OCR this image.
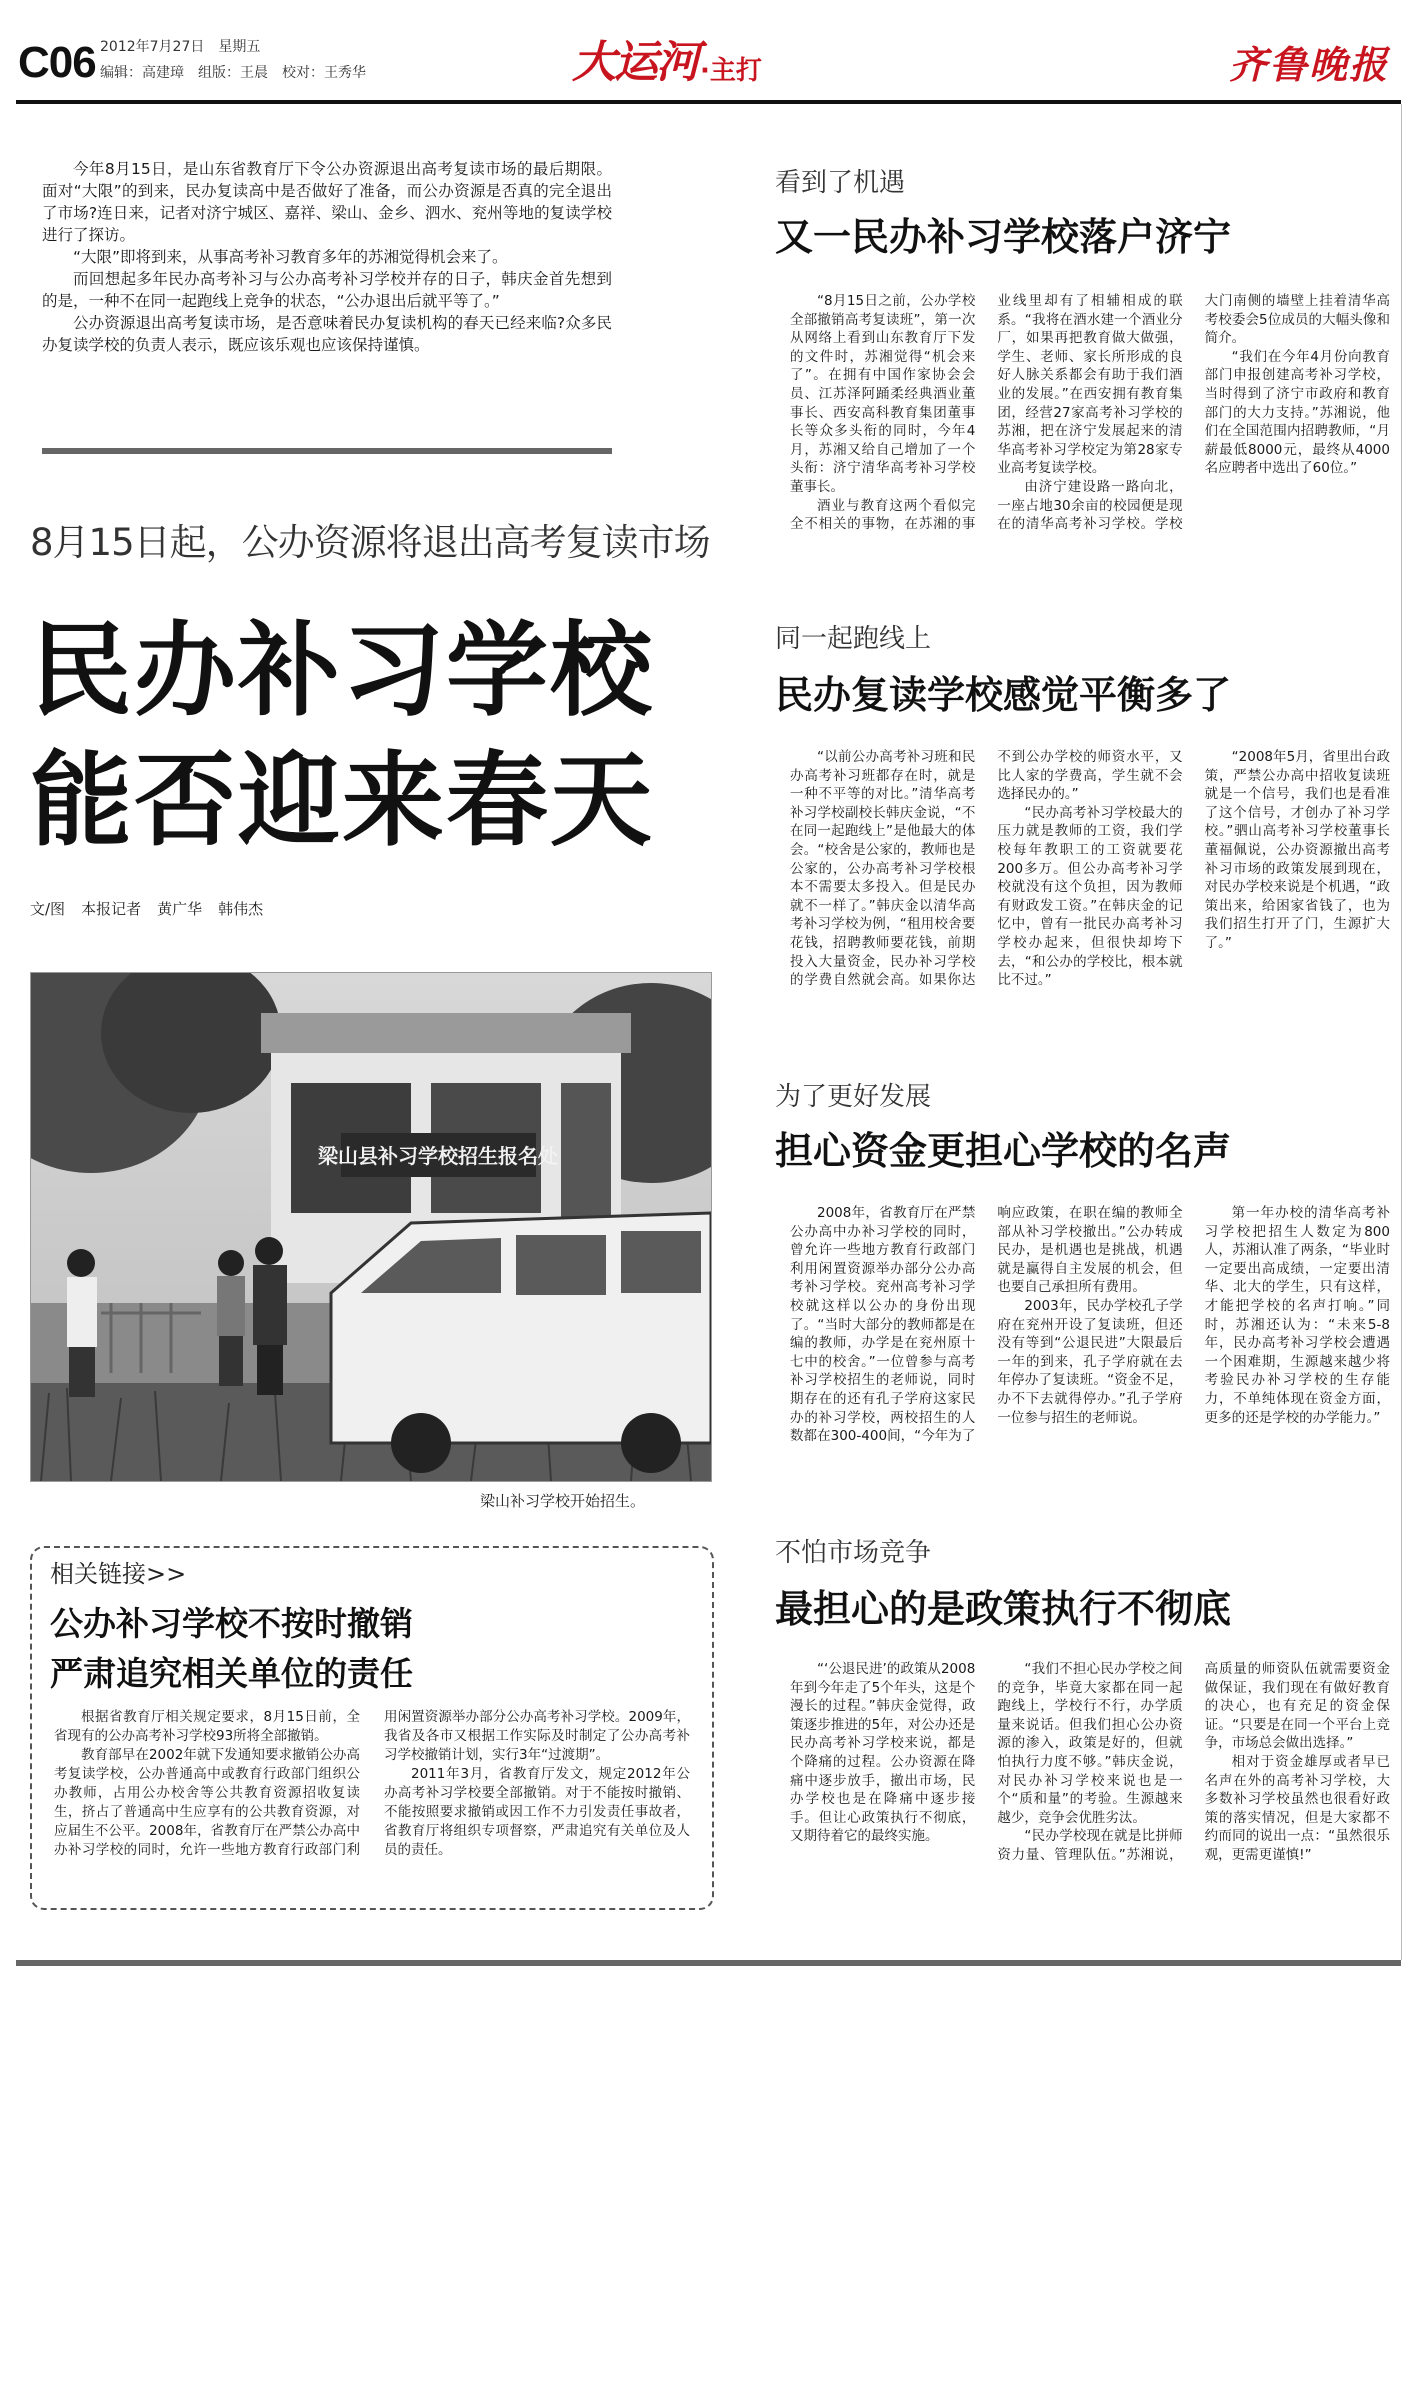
C06 2012年7月27日 星期五
编辑：高建璋 组版：王晨 校对：王秀华	大运河 ·主打	齐鲁晚报

今年8月15日，是山东省教育厅下令公办资源退出高考复读市场的最后期限。面对“大限”的到来，民办复读高中是否做好了准备，而公办资源是否真的完全退出了市场?连日来，记者对济宁城区、嘉祥、梁山、金乡、泗水、兖州等地的复读学校进行了探访。

“大限”即将到来，从事高考补习教育多年的苏湘觉得机会来了。

而回想起多年民办高考补习与公办高考补习学校并存的日子，韩庆金首先想到的是，一种不在同一起跑线上竞争的状态，“公办退出后就平等了。”

公办资源退出高考复读市场，是否意味着民办复读机构的春天已经来临?众多民办复读学校的负责人表示，既应该乐观也应该保持谨慎。

8月15日起，公办资源将退出高考复读市场
民办补习学校
能否迎来春天
文/图 本报记者 黄广华 韩伟杰
梁山县补习学校招生报名处
梁山补习学校开始招生。
相关链接>>
公办补习学校不按时撤销
严肃追究相关单位的责任

根据省教育厅相关规定要求，8月15日前，全省现有的公办高考补习学校93所将全部撤销。

教育部早在2002年就下发通知要求撤销公办高考复读学校，公办普通高中或教育行政部门组织公办教师，占用公办校舍等公共教育资源招收复读生，挤占了普通高中生应享有的公共教育资源，对应届生不公平。2008年，省教育厅在严禁公办高中办补习学校的同时，允许一些地方教育行政部门利用闲置资源举办部分公办高考补习学校。2009年，我省及各市又根据工作实际及时制定了公办高考补习学校撤销计划，实行3年“过渡期”。

2011年3月，省教育厅发文，规定2012年公办高考补习学校要全部撤销。对于不能按时撤销、不能按照要求撤销或因工作不力引发责任事故者，省教育厅将组织专项督察，严肃追究有关单位及人员的责任。

看到了机遇
又一民办补习学校落户济宁

“8月15日之前，公办学校全部撤销高考复读班”，第一次从网络上看到山东教育厅下发的文件时，苏湘觉得“机会来了”。在拥有中国作家协会会员、江苏泽阿踊柔经典酒业董事长、西安高科教育集团董事长等众多头衔的同时，今年4月，苏湘又给自己增加了一个头衔：济宁清华高考补习学校董事长。

酒业与教育这两个看似完全不相关的事物，在苏湘的事业线里却有了相辅相成的联系。“我将在酒水建一个酒业分厂，如果再把教育做大做强，学生、老师、家长所形成的良好人脉关系都会有助于我们酒业的发展。”在西安拥有教育集团，经营27家高考补习学校的苏湘，把在济宁发展起来的清华高考补习学校定为第28家专业高考复读学校。

由济宁建设路一路向北，一座占地30余亩的校园便是现在的清华高考补习学校。学校大门南侧的墙壁上挂着清华高考校委会5位成员的大幅头像和简介。

“我们在今年4月份向教育部门申报创建高考补习学校，当时得到了济宁市政府和教育部门的大力支持。”苏湘说，他们在全国范围内招聘教师，“月薪最低8000元，最终从4000名应聘者中选出了60位。”

同一起跑线上
民办复读学校感觉平衡多了

“以前公办高考补习班和民办高考补习班都存在时，就是一种不平等的对比。”清华高考补习学校副校长韩庆金说，“不在同一起跑线上”是他最大的体会。“校舍是公家的，教师也是公家的，公办高考补习学校根本不需要太多投入。但是民办就不一样了。”韩庆金以清华高考补习学校为例，“租用校舍要花钱，招聘教师要花钱，前期投入大量资金，民办补习学校的学费自然就会高。如果你达不到公办学校的师资水平，又比人家的学费高，学生就不会选择民办的。”

“民办高考补习学校最大的压力就是教师的工资，我们学校每年教职工的工资就要花200多万。但公办高考补习学校就没有这个负担，因为教师有财政发工资。”在韩庆金的记忆中，曾有一批民办高考补习学校办起来，但很快却垮下去，“和公办的学校比，根本就比不过。”

“2008年5月，省里出台政策，严禁公办高中招收复读班就是一个信号，我们也是看准了这个信号，才创办了补习学校。”驷山高考补习学校董事长董福佩说，公办资源撤出高考补习市场的政策发展到现在，对民办学校来说是个机遇，“政策出来，给困家省钱了，也为我们招生打开了门，生源扩大了。”

为了更好发展
担心资金更担心学校的名声

2008年，省教育厅在严禁公办高中办补习学校的同时，曾允许一些地方教育行政部门利用闲置资源举办部分公办高考补习学校。兖州高考补习学校就这样以公办的身份出现了。“当时大部分的教师都是在编的教师，办学是在兖州原十七中的校舍。”一位曾参与高考补习学校招生的老师说，同时期存在的还有孔子学府这家民办的补习学校，两校招生的人数都在300-400间，“今年为了响应政策，在职在编的教师全部从补习学校撤出。”公办转成民办，是机遇也是挑战，机遇就是赢得自主发展的机会，但也要自己承担所有费用。

2003年，民办学校孔子学府在兖州开设了复读班，但还没有等到“公退民进”大限最后一年的到来，孔子学府就在去年停办了复读班。“资金不足，办不下去就得停办。”孔子学府一位参与招生的老师说。

第一年办校的清华高考补习学校把招生人数定为800人，苏湘认准了两条，“毕业时一定要出高成绩，一定要出清华、北大的学生，只有这样，才能把学校的名声打响。”同时，苏湘还认为：“未来5-8年，民办高考补习学校会遭遇一个困难期，生源越来越少将考验民办补习学校的生存能力，不单纯体现在资金方面，更多的还是学校的办学能力。”

不怕市场竞争
最担心的是政策执行不彻底

“‘公退民进’的政策从2008年到今年走了5个年头，这是个漫长的过程。”韩庆金觉得，政策逐步推进的5年，对公办还是民办高考补习学校来说，都是个降痛的过程。公办资源在降痛中逐步放手，撤出市场，民办学校也是在降痛中逐步接手。但让心政策执行不彻底，又期待着它的最终实施。

“我们不担心民办学校之间的竞争，毕竟大家都在同一起跑线上，学校行不行，办学质量来说话。但我们担心公办资源的渗入，政策是好的，但就怕执行力度不够。”韩庆金说，对民办补习学校来说也是一个“质和量”的考验。生源越来越少，竞争会优胜劣汰。

“民办学校现在就是比拼师资力量、管理队伍。”苏湘说，高质量的师资队伍就需要资金做保证，我们现在有做好教育的决心，也有充足的资金保证。“只要是在同一个平台上竞争，市场总会做出选择。”

相对于资金雄厚或者早已名声在外的高考补习学校，大多数补习学校虽然也很看好政策的落实情况，但是大家都不约而同的说出一点：“虽然很乐观，更需更谨慎!”
